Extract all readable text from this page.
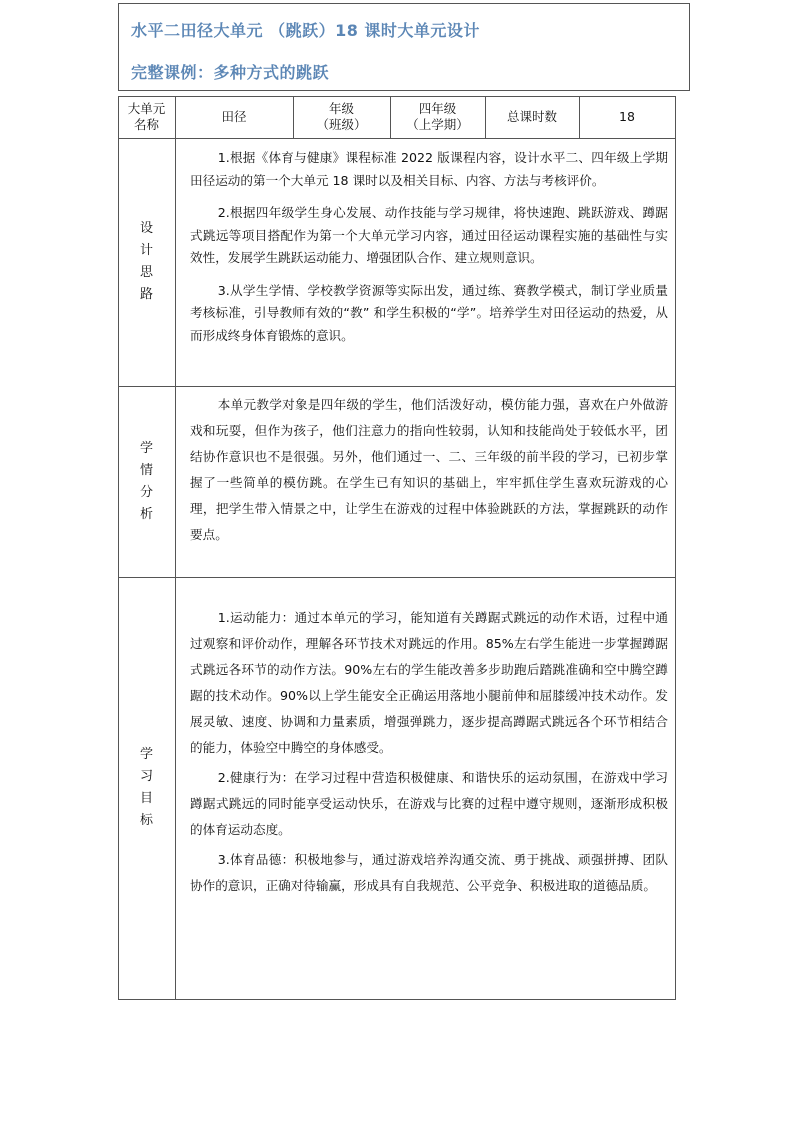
水平二田径大单元 （跳跃）18 课时大单元设计
完整课例：多种方式的跳跃
大单元
名称
田径
年级
（班级）
四年级
（上学期）
总课时数	18
设
计
思
路

1.根据《体育与健康》课程标准 2022 版课程内容，设计水平二、四年级上学期田径运动的第一个大单元 18 课时以及相关目标、内容、方法与考核评价。

2.根据四年级学生身心发展、动作技能与学习规律，将快速跑、跳跃游戏、蹲踞式跳远等项目搭配作为第一个大单元学习内容，通过田径运动课程实施的基础性与实效性，发展学生跳跃运动能力、增强团队合作、建立规则意识。

3.从学生学情、学校教学资源等实际出发，通过练、赛教学模式，制订学业质量考核标准，引导教师有效的“教” 和学生积极的“学”。培养学生对田径运动的热爱，从而形成终身体育锻炼的意识。

学
情
分
析

本单元教学对象是四年级的学生，他们活泼好动，模仿能力强，喜欢在户外做游戏和玩耍，但作为孩子，他们注意力的指向性较弱，认知和技能尚处于较低水平，团结协作意识也不是很强。另外，他们通过一、二、三年级的前半段的学习，已初步掌握了一些简单的模仿跳。在学生已有知识的基础上，牢牢抓住学生喜欢玩游戏的心理，把学生带入情景之中，让学生在游戏的过程中体验跳跃的方法，掌握跳跃的动作要点。

学
习
目
标

1.运动能力：通过本单元的学习，能知道有关蹲踞式跳远的动作术语，过程中通过观察和评价动作，理解各环节技术对跳远的作用。85%左右学生能进一步掌握蹲踞式跳远各环节的动作方法。90%左右的学生能改善多步助跑后踏跳准确和空中腾空蹲踞的技术动作。90%以上学生能安全正确运用落地小腿前伸和屈膝缓冲技术动作。发展灵敏、速度、协调和力量素质，增强弹跳力，逐步提高蹲踞式跳远各个环节相结合的能力，体验空中腾空的身体感受。

2.健康行为：在学习过程中营造积极健康、和谐快乐的运动氛围，在游戏中学习蹲踞式跳远的同时能享受运动快乐，在游戏与比赛的过程中遵守规则，逐渐形成积极的体育运动态度。

3.体育品德：积极地参与，通过游戏培养沟通交流、勇于挑战、顽强拼搏、团队协作的意识，正确对待输赢，形成具有自我规范、公平竞争、积极进取的道德品质。
